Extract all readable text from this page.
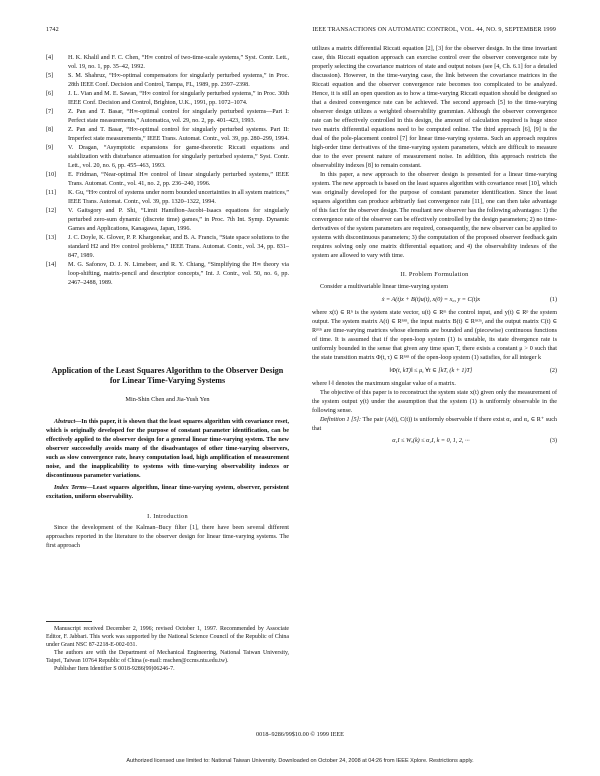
1742	IEEE TRANSACTIONS ON AUTOMATIC CONTROL, VOL. 44, NO. 9, SEPTEMBER 1999
[4]	H. K. Khalil and F. C. Chen, “H∞ control of two-time-scale systems,” Syst. Contr. Lett., vol. 19, no. 1, pp. 35–42, 1992.
[5]	S. M. Shahruz, “H∞-optimal compensators for singularly perturbed systems,” in Proc. 28th IEEE Conf. Decision and Control, Tampa, FL, 1989, pp. 2397–2398.
[6]	J. L. Vian and M. E. Sawan, “H∞ control for singularly perturbed systems,” in Proc. 30th IEEE Conf. Decision and Control, Brighton, U.K., 1991, pp. 1072–1074.
[7]	Z. Pan and T. Basar, “H∞-optimal control for singularly perturbed systems—Part I: Perfect state measurements,” Automatica, vol. 29, no. 2, pp. 401–423, 1993.
[8]	Z. Pan and T. Basar, “H∞-optimal control for singularly perturbed systems. Part II: Imperfect state measurements,” IEEE Trans. Automat. Contr., vol. 39, pp. 280–299, 1994.
[9]	V. Dragan, “Asymptotic expansions for game-theoretic Riccati equations and stabilization with disturbance attenuation for singularly perturbed systems,” Syst. Contr. Lett., vol. 20, no. 6, pp. 455–463, 1993.
[10]	E. Fridman, “Near-optimal H∞ control of linear singularly perturbed systems,” IEEE Trans. Automat. Contr., vol. 41, no. 2, pp. 236–240, 1996.
[11]	K. Gu, “H∞ control of systems under norm bounded uncertainties in all system matrices,” IEEE Trans. Automat. Contr., vol. 39, pp. 1320–1322, 1994.
[12]	V. Gaitsgory and P. Shi, “Limit Hamilton–Jacobi–Isaacs equations for singularly perturbed zero-sum dynamic (discrete time) games,” in Proc. 7th Int. Symp. Dynamic Games and Applications, Kanagawa, Japan, 1996.
[13]	J. C. Doyle, K. Glover, P. P. Khargonekar, and B. A. Francis, “State space solutions to the standard H2 and H∞ control problems,” IEEE Trans. Automat. Contr., vol. 34, pp. 831–847, 1989.
[14]	M. G. Safonov, D. J. N. Limebeer, and R. Y. Chiang, “Simplifying the H∞ theory via loop-shifting, matrix-pencil and descriptor concepts,” Int. J. Contr., vol. 50, no. 6, pp. 2467–2488, 1989.

Application of the Least Squares Algorithm to the Observer Design for Linear Time-Varying Systems

Min-Shin Chen and Jia-Yush Yen

Abstract—In this paper, it is shown that the least squares algorithm with covariance reset, which is originally developed for the purpose of constant parameter identification, can be effectively applied to the observer design for a general linear time-varying system. The new observer successfully avoids many of the disadvantages of other time-varying observers, such as slow convergence rate, heavy computation load, high amplification of measurement noise, and the inapplicability to systems with time-varying observability indexes or discontinuous parameter variations.

Index Terms—Least squares algorithm, linear time-varying system, observer, persistent excitation, uniform observability.

I. Introduction

Since the development of the Kalman–Bucy filter [1], there have been several different approaches reported in the literature to the observer design for linear time-varying systems. The first approach

Manuscript received December 2, 1996; revised October 1, 1997. Recommended by Associate Editor, F. Jabbari. This work was supported by the National Science Council of the Republic of China under Grant NSC 87-2218-E-002-031.

The authors are with the Department of Mechanical Engineering, National Taiwan University, Taipei, Taiwan 10764 Republic of China (e-mail: mschen@ccms.ntu.edu.tw).

Publisher Item Identifier S 0018-9286(99)06246-7.

utilizes a matrix differential Riccati equation [2], [3] for the observer design. In the time invariant case, this Riccati equation approach can exercise control over the observer convergence rate by properly selecting the covariance matrices of state and output noises (see [4, Ch. 6.1] for a detailed discussion). However, in the time-varying case, the link between the covariance matrices in the Riccati equation and the observer convergence rate becomes too complicated to be analyzed. Hence, it is still an open question as to how a time-varying Riccati equation should be designed so that a desired convergence rate can be achieved. The second approach [5] to the time-varying observer design utilizes a weighted observability grammian. Although the observer convergence rate can be effectively controlled in this design, the amount of calculation required is huge since two matrix differential equations need to be computed online. The third approach [6], [9] is the dual of the pole-placement control [7] for linear time-varying systems. Such an approach requires high-order time derivatives of the time-varying system parameters, which are difficult to measure due to the ever present nature of measurement noise. In addition, this approach restricts the observability indexes [8] to remain constant.

In this paper, a new approach to the observer design is presented for a linear time-varying system. The new approach is based on the least squares algorithm with covariance reset [10], which was originally developed for the purpose of constant parameter identification. Since the least squares algorithm can produce arbitrarily fast convergence rate [11], one can then take advantage of this fact for the observer design. The resultant new observer has the following advantages: 1) the convergence rate of the observer can be effectively controlled by the design parameters; 2) no time-derivatives of the system parameters are required, consequently, the new observer can be applied to systems with discontinuous parameters; 3) the computation of the proposed observer feedback gain requires solving only one matrix differential equation; and 4) the observability indexes of the system are allowed to vary with time.

II. Problem Formulation

Consider a multivariable linear time-varying system

ẋ = A(t)x + B(t)u(t), x(0) = x₀, y = C(t)x	(1)

where x(t) ∈ Rⁿ is the system state vector, u(t) ∈ Rᵐ the control input, and y(t) ∈ Rᵖ the system output. The system matrix A(t) ∈ Rⁿˣⁿ, the input matrix B(t) ∈ Rⁿˣᵐ, and the output matrix C(t) ∈ Rᵖˣⁿ are time-varying matrices whose elements are bounded and (piecewise) continuous functions of time. It is assumed that if the open-loop system (1) is unstable, its state divergence rate is uniformly bounded in the sense that given any time span T, there exists a constant μ > 0 such that the state transition matrix Φ(t, τ) ∈ Rⁿˣⁿ of the open-loop system (1) satisfies, for all integer k

‖Φ(t, kT)‖ ≤ μ, ∀t ∈ [kT, (k + 1)T]	(2)

where ‖·‖ denotes the maximum singular value of a matrix.

The objective of this paper is to reconstruct the system state x(t) given only the measurement of the system output y(t) under the assumption that the system (1) is uniformly observable in the following sense.

Definition 1 [5]: The pair (A(t), C(t)) is uniformly observable if there exist α₁ and α₂ ∈ R⁺ such that

α₁I ≤ Wₒ(k) ≤ α₂I, k = 0, 1, 2, ···	(3)
0018–9286/99$10.00 © 1999 IEEE
Authorized licensed use limited to: National Taiwan University. Downloaded on October 24, 2008 at 04:26 from IEEE Xplore. Restrictions apply.
